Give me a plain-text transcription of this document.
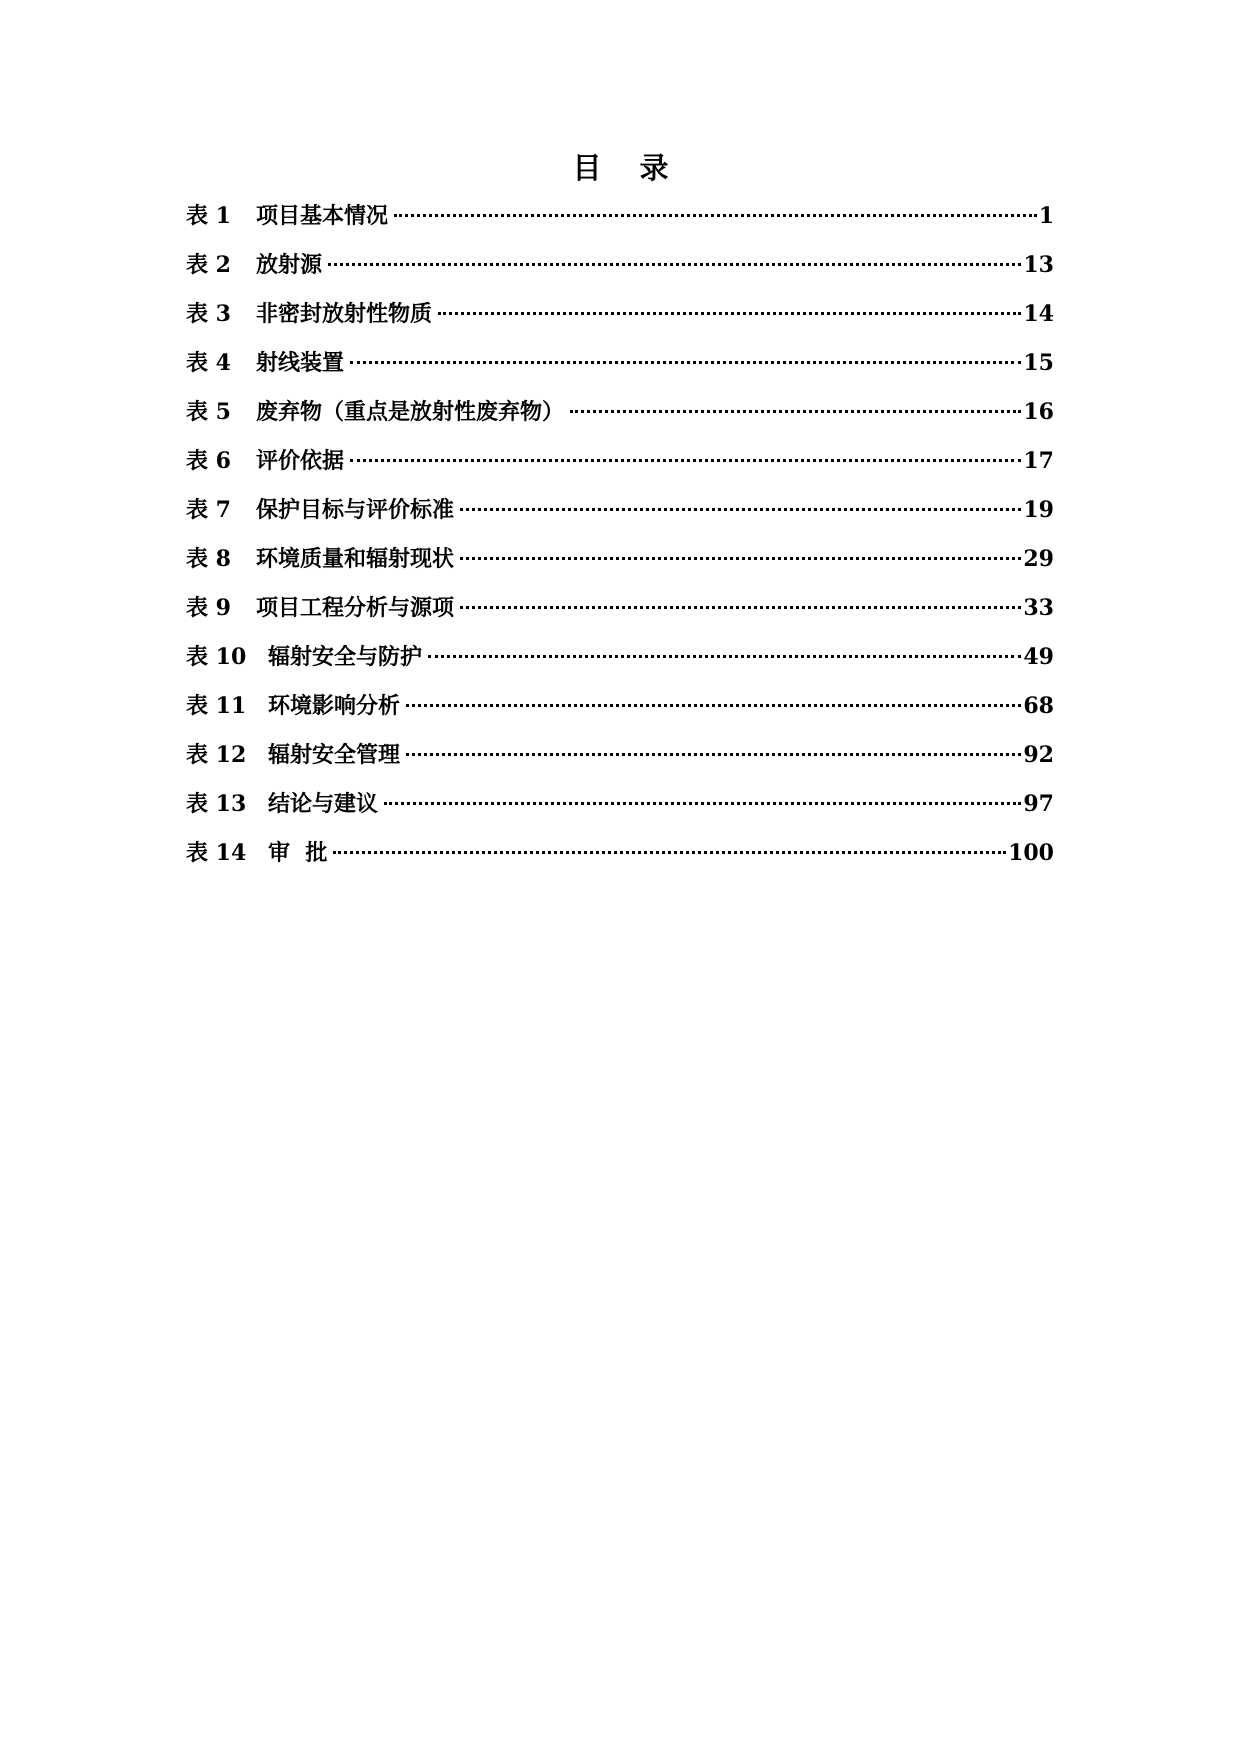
目 录
表 1	项目基本情况	1
表 2	放射源	13
表 3	非密封放射性物质	14
表 4	射线装置	15
表 5	废弃物（重点是放射性废弃物）	16
表 6	评价依据	17
表 7	保护目标与评价标准	19
表 8	环境质量和辐射现状	29
表 9	项目工程分析与源项	33
表 10 辐射安全与防护	49
表 11 环境影响分析	68
表 12 辐射安全管理	92
表 13 结论与建议	97
表 14 审  批	100
